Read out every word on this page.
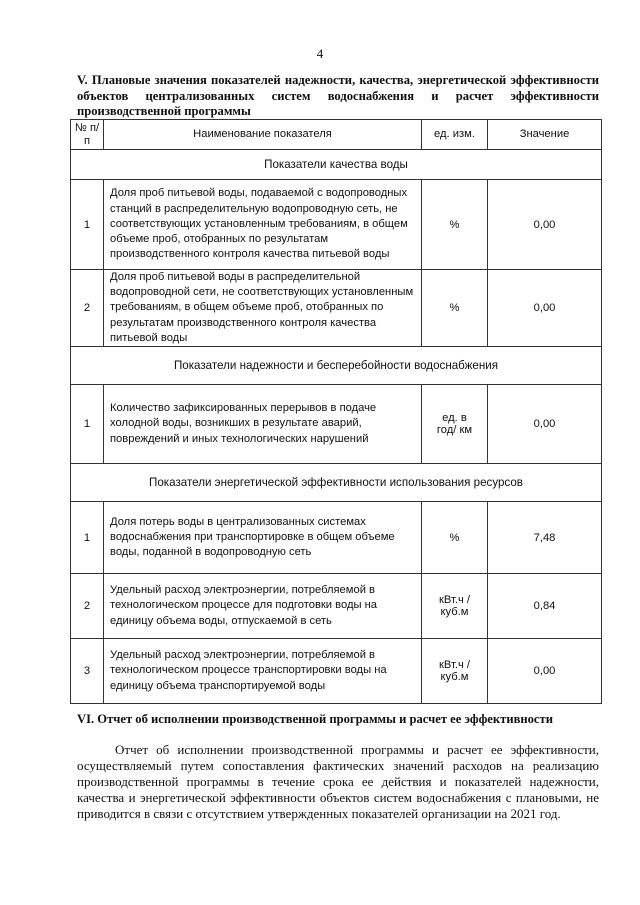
4
V. Плановые значения показателей надежности, качества, энергетической эффективности объектов централизованных систем водоснабжения и расчет эффективности производственной программы
№ п/п	Наименование показателя	ед. изм.	Значение
Показатели качества воды			
1	Доля проб питьевой воды, подаваемой с водопроводных станций в распределительную водопроводную сеть, не соответствующих установленным требованиям, в общем объеме проб, отобранных по результатам производственного контроля качества питьевой воды	%	0,00
2	Доля проб питьевой воды в распределительной водопроводной сети, не соответствующих установленным требованиям, в общем объеме проб, отобранных по результатам производственного контроля качества питьевой воды	%	0,00
Показатели надежности и бесперебойности водоснабжения			
1	Количество зафиксированных перерывов в подаче холодной воды, возникших в результате аварий, повреждений и иных технологических нарушений	ед. в год/ км	0,00
Показатели энергетической эффективности использования ресурсов			
1	Доля потерь воды в централизованных системах водоснабжения при транспортировке в общем объеме воды, поданной в водопроводную сеть	%	7,48
2	Удельный расход электроэнергии, потребляемой в технологическом процессе для подготовки воды на единицу объема воды, отпускаемой в сеть	кВт.ч / куб.м	0,84
3	Удельный расход электроэнергии, потребляемой в технологическом процессе транспортировки воды на единицу объема транспортируемой воды	кВт.ч / куб.м	0,00
VI. Отчет об исполнении производственной программы и расчет ее эффективности
Отчет об исполнении производственной программы и расчет ее эффективности, осуществляемый путем сопоставления фактических значений расходов на реализацию производственной программы в течение срока ее действия и показателей надежности, качества и энергетической эффективности объектов систем водоснабжения с плановыми, не приводится в связи с отсутствием утвержденных показателей организации на 2021 год.
